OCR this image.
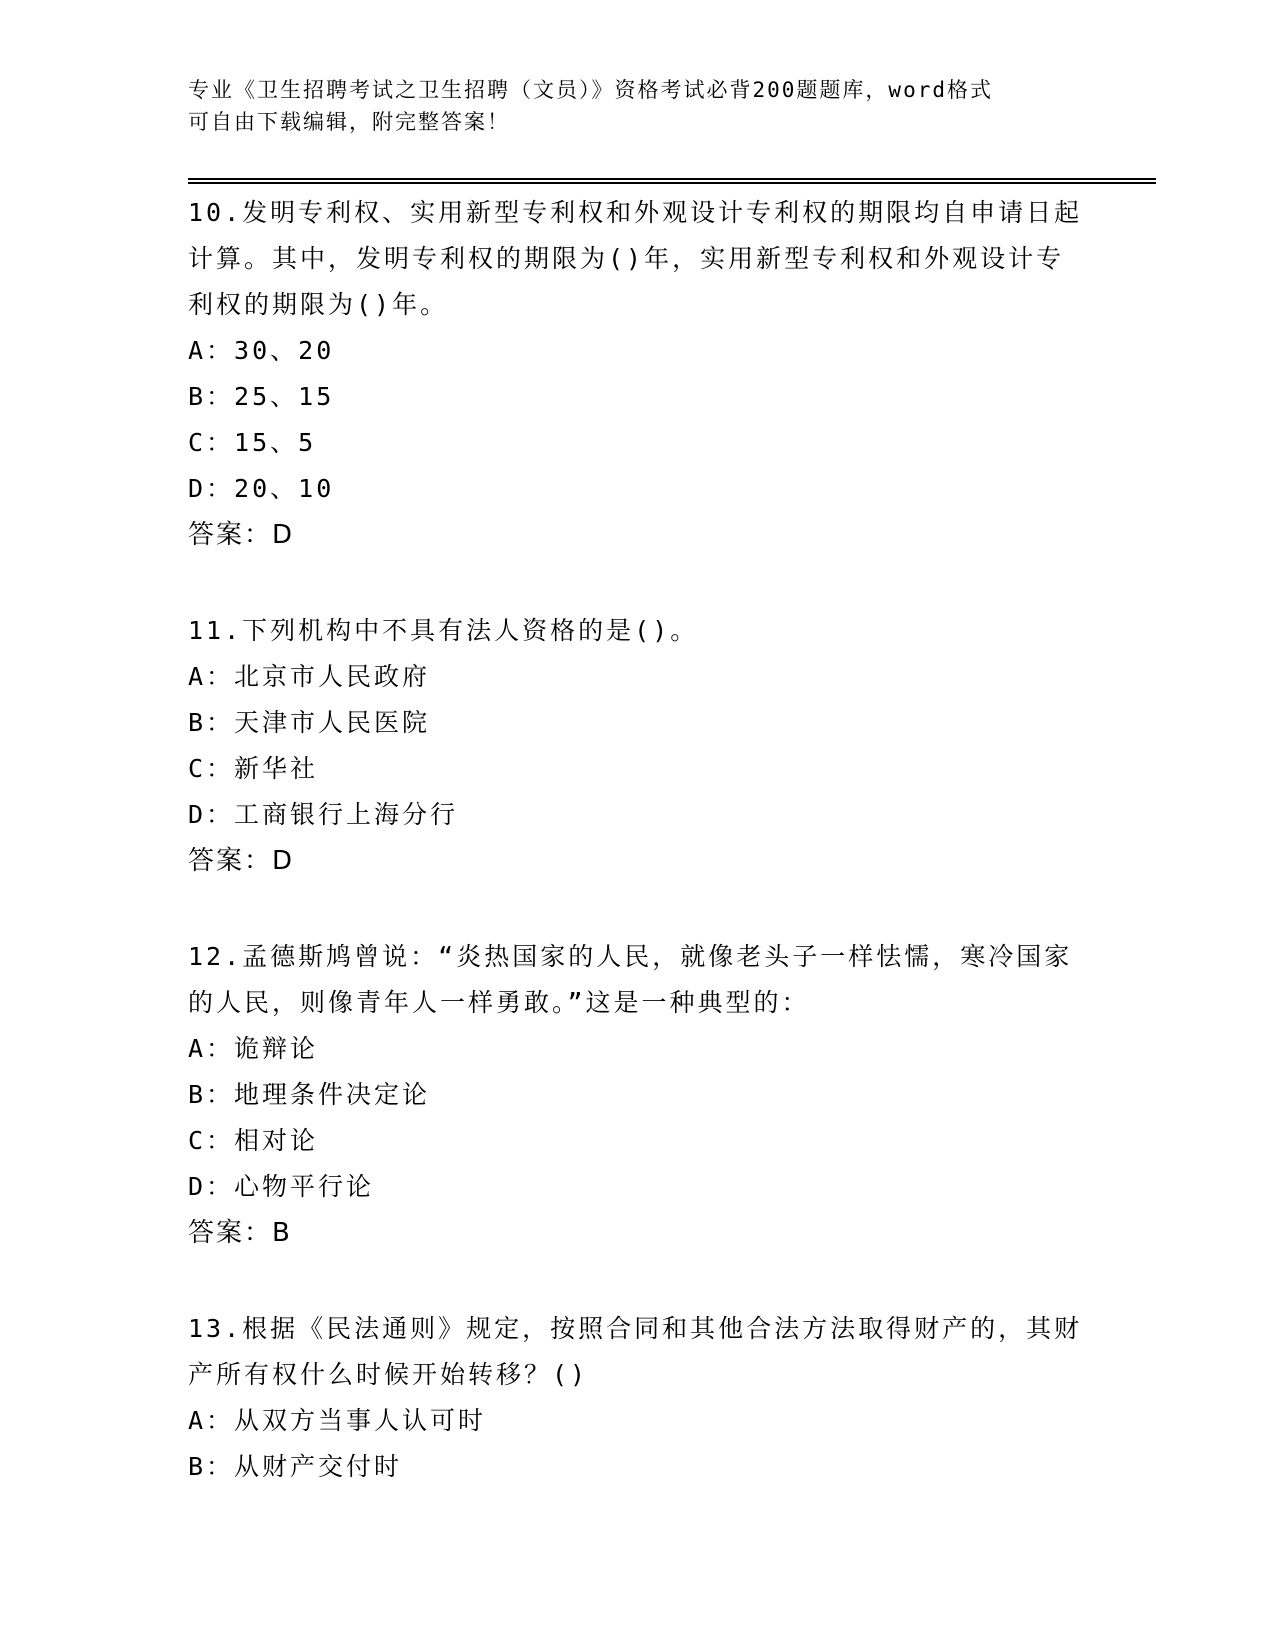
专业《卫生招聘考试之卫生招聘（文员）》资格考试必背200题题库，word格式
可自由下载编辑，附完整答案！

10.发明专利权、实用新型专利权和外观设计专利权的期限均自申请日起计算。其中，发明专利权的期限为()年，实用新型专利权和外观设计专利权的期限为()年。

A：30、20

B：25、15

C：15、5

D：20、10

答案：D

11.下列机构中不具有法人资格的是()。

A：北京市人民政府

B：天津市人民医院

C：新华社

D：工商银行上海分行

答案：D

12.孟德斯鸠曾说：“炎热国家的人民，就像老头子一样怯懦，寒冷国家的人民，则像青年人一样勇敢。”这是一种典型的：

A：诡辩论

B：地理条件决定论

C：相对论

D：心物平行论

答案：B

13.根据《民法通则》规定，按照合同和其他合法方法取得财产的，其财产所有权什么时候开始转移？()

A：从双方当事人认可时

B：从财产交付时
